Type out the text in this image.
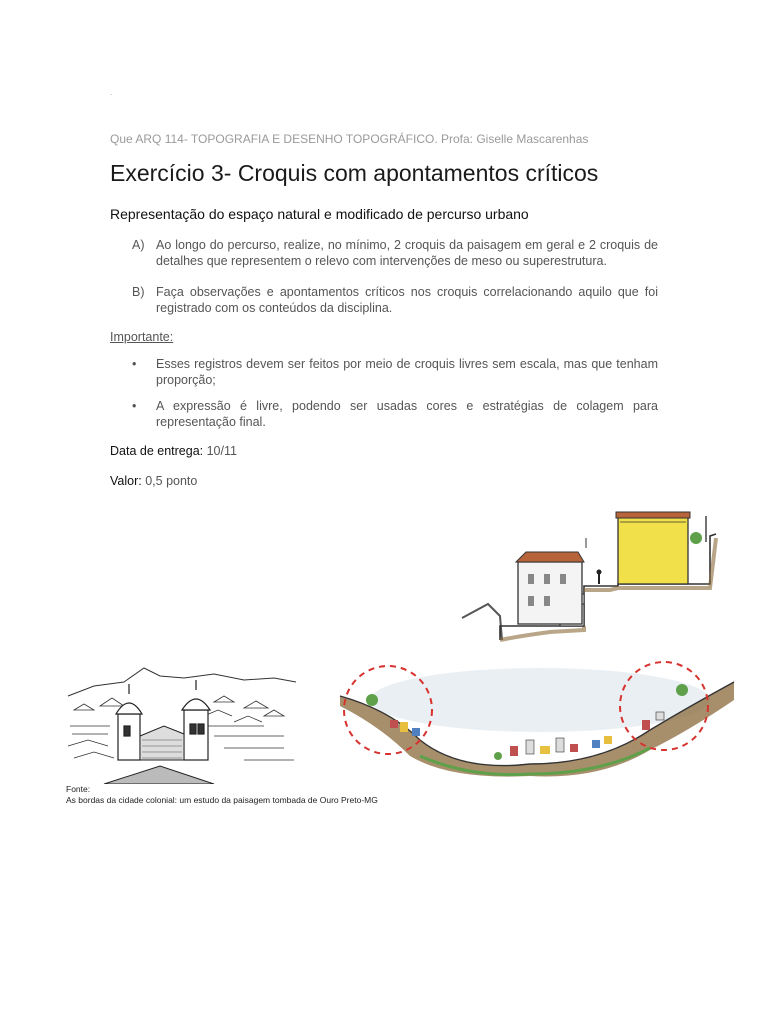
.
Que ARQ 114- TOPOGRAFIA E DESENHO TOPOGRÁFICO. Profa: Giselle Mascarenhas
Exercício 3- Croquis com apontamentos críticos
Representação do espaço natural e modificado de percurso urbano
A) Ao longo do percurso, realize, no mínimo, 2 croquis da paisagem em geral e 2 croquis de detalhes que representem o relevo com intervenções de meso ou superestrutura.
B) Faça observações e apontamentos críticos nos croquis correlacionando aquilo que foi registrado com os conteúdos da disciplina.
Importante:
• Esses registros devem ser feitos por meio de croquis livres sem escala, mas que tenham proporção;
• A expressão é livre, podendo ser usadas cores e estratégias de colagem para representação final.
Data de entrega: 10/11
Valor: 0,5 ponto
Fonte:
As bordas da cidade colonial: um estudo da paisagem tombada de Ouro Preto-MG
